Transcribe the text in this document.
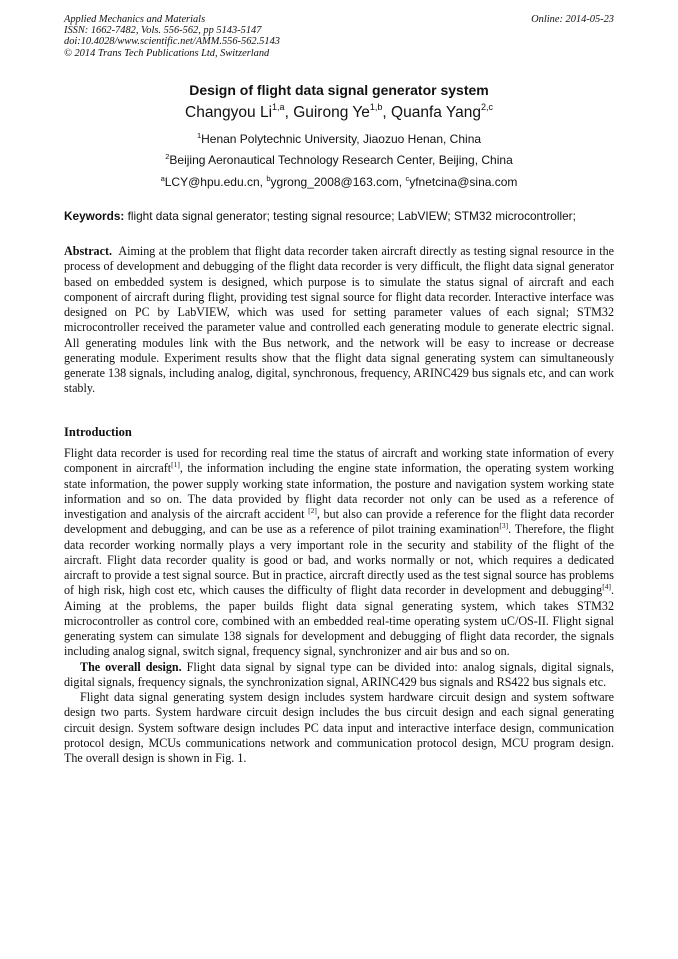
Applied Mechanics and Materials
ISSN: 1662-7482, Vols. 556-562, pp 5143-5147
doi:10.4028/www.scientific.net/AMM.556-562.5143
© 2014 Trans Tech Publications Ltd, Switzerland
Online: 2014-05-23
Design of flight data signal generator system
Changyou Li$^{1,a}$, Guirong Ye$^{1,b}$, Quanfa Yang$^{2,c}$
$^1$Henan Polytechnic University, Jiaozuo Henan, China
$^2$Beijing Aeronautical Technology Research Center, Beijing, China
$^a$LCY@hpu.edu.cn, $^b$ygrong_2008@163.com, $^c$yfnetcina@sina.com
Keywords: flight data signal generator; testing signal resource; LabVIEW; STM32 microcontroller;

Abstract. Aiming at the problem that flight data recorder taken aircraft directly as testing signal resource in the process of development and debugging of the flight data recorder is very difficult, the flight data signal generator based on embedded system is designed, which purpose is to simulate the status signal of aircraft and each component of aircraft during flight, providing test signal source for flight data recorder. Interactive interface was designed on PC by LabVIEW, which was used for setting parameter values of each signal; STM32 microcontroller received the parameter value and controlled each generating module to generate electric signal. All generating modules link with the Bus network, and the network will be easy to increase or decrease generating module. Experiment results show that the flight data signal generating system can simultaneously generate 138 signals, including analog, digital, synchronous, frequency, ARINC429 bus signals etc, and can work stably.

Introduction

Flight data recorder is used for recording real time the status of aircraft and working state information of every component in aircraft[1], the information including the engine state information, the operating system working state information, the power supply working state information, the posture and navigation system working state information and so on. The data provided by flight data recorder not only can be used as a reference of investigation and analysis of the aircraft accident [2], but also can provide a reference for the flight data recorder development and debugging, and can be use as a reference of pilot training examination[3]. Therefore, the flight data recorder working normally plays a very important role in the security and stability of the flight of the aircraft. Flight data recorder quality is good or bad, and works normally or not, which requires a dedicated aircraft to provide a test signal source. But in practice, aircraft directly used as the test signal source has problems of high risk, high cost etc, which causes the difficulty of flight data recorder in development and debugging[4]. Aiming at the problems, the paper builds flight data signal generating system, which takes STM32 microcontroller as control core, combined with an embedded real-time operating system uC/OS-II. Flight signal generating system can simulate 138 signals for development and debugging of flight data recorder, the signals including analog signal, switch signal, frequency signal, synchronizer and air bus and so on.

The overall design. Flight data signal by signal type can be divided into: analog signals, digital signals, digital signals, frequency signals, the synchronization signal, ARINC429 bus signals and RS422 bus signals etc.

Flight data signal generating system design includes system hardware circuit design and system software design two parts. System hardware circuit design includes the bus circuit design and each signal generating circuit design. System software design includes PC data input and interactive interface design, communication protocol design, MCUs communications network and communication protocol design, MCU program design. The overall design is shown in Fig. 1.
